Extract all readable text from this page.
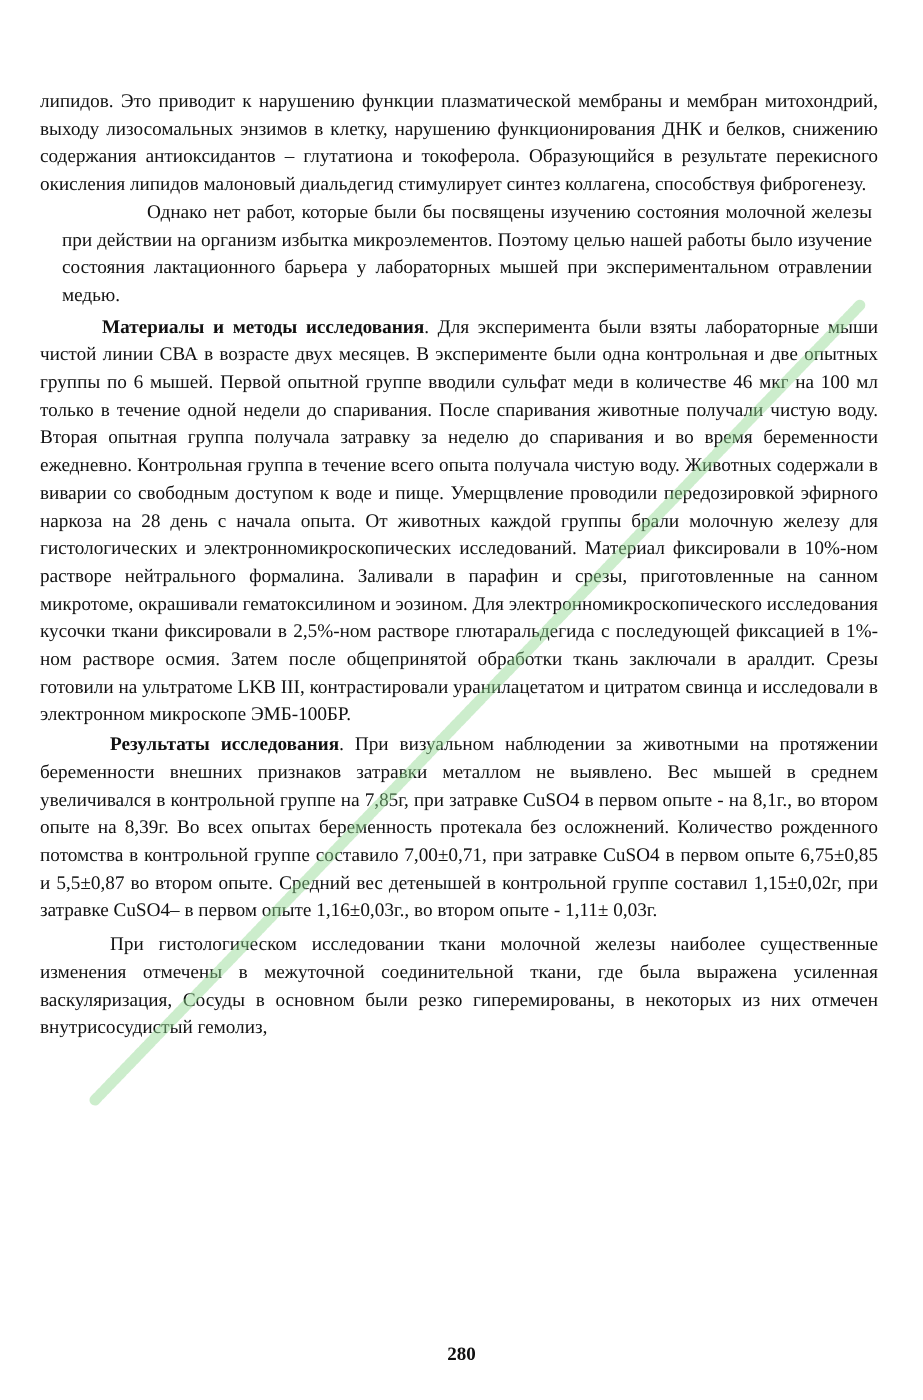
липидов. Это приводит к нарушению функции плазматической мембраны и мембран митохондрий, выходу лизосомальных энзимов в клетку, нарушению функционирования ДНК и белков, снижению содержания антиоксидантов – глутатиона и токоферола. Образующийся в результате перекисного окисления липидов малоновый диальдегид стимулирует синтез коллагена, способствуя фиброгенезу.

Однако нет работ, которые были бы посвящены изучению состояния молочной железы при действии на организм избытка микроэлементов. Поэтому целью нашей работы было изучение состояния лактационного барьера у лабораторных мышей при экспериментальном отравлении медью.

Материалы и методы исследования. Для эксперимента были взяты лабораторные мыши чистой линии СВА в возрасте двух месяцев. В эксперименте были одна контрольная и две опытных группы по 6 мышей. Первой опытной группе вводили сульфат меди в количестве 46 мкг на 100 мл только в течение одной недели до спаривания. После спаривания животные получали чистую воду. Вторая опытная группа получала затравку за неделю до спаривания и во время беременности ежедневно. Контрольная группа в течение всего опыта получала чистую воду. Животных содержали в виварии со свободным доступом к воде и пище. Умерщвление проводили передозировкой эфирного наркоза на 28 день с начала опыта. От животных каждой группы брали молочную железу для гистологических и электронномикроскопических исследований. Материал фиксировали в 10%-ном растворе нейтрального формалина. Заливали в парафин и срезы, приготовленные на санном микротоме, окрашивали гематоксилином и эозином. Для электронномикроскопического исследования кусочки ткани фиксировали в 2,5%-ном растворе глютаральдегида с последующей фиксацией в 1%-ном растворе осмия. Затем после общепринятой обработки ткань заключали в аралдит. Срезы готовили на ультратоме LKB III, контрастировали уранилацетатом и цитратом свинца и исследовали в электронном микроскопе ЭМБ-100БР.

Результаты исследования. При визуальном наблюдении за животными на протяжении беременности внешних признаков затравки металлом не выявлено. Вес мышей в среднем увеличивался в контрольной группе на 7,85г, при затравке CuSO4 в первом опыте - на 8,1г., во втором опыте на 8,39г. Во всех опытах беременность протекала без осложнений. Количество рожденного потомства в контрольной группе составило 7,00±0,71, при затравке CuSO4 в первом опыте 6,75±0,85 и 5,5±0,87 во втором опыте. Средний вес детенышей в контрольной группе составил 1,15±0,02г, при затравке CuSO4– в первом опыте 1,16±0,03г., во втором опыте - 1,11± 0,03г.

При гистологическом исследовании ткани молочной железы наиболее существенные изменения отмечены в межуточной соединительной ткани, где была выражена усиленная васкуляризация, Сосуды в основном были резко гиперемированы, в некоторых из них отмечен внутрисосудистый гемолиз,

280
